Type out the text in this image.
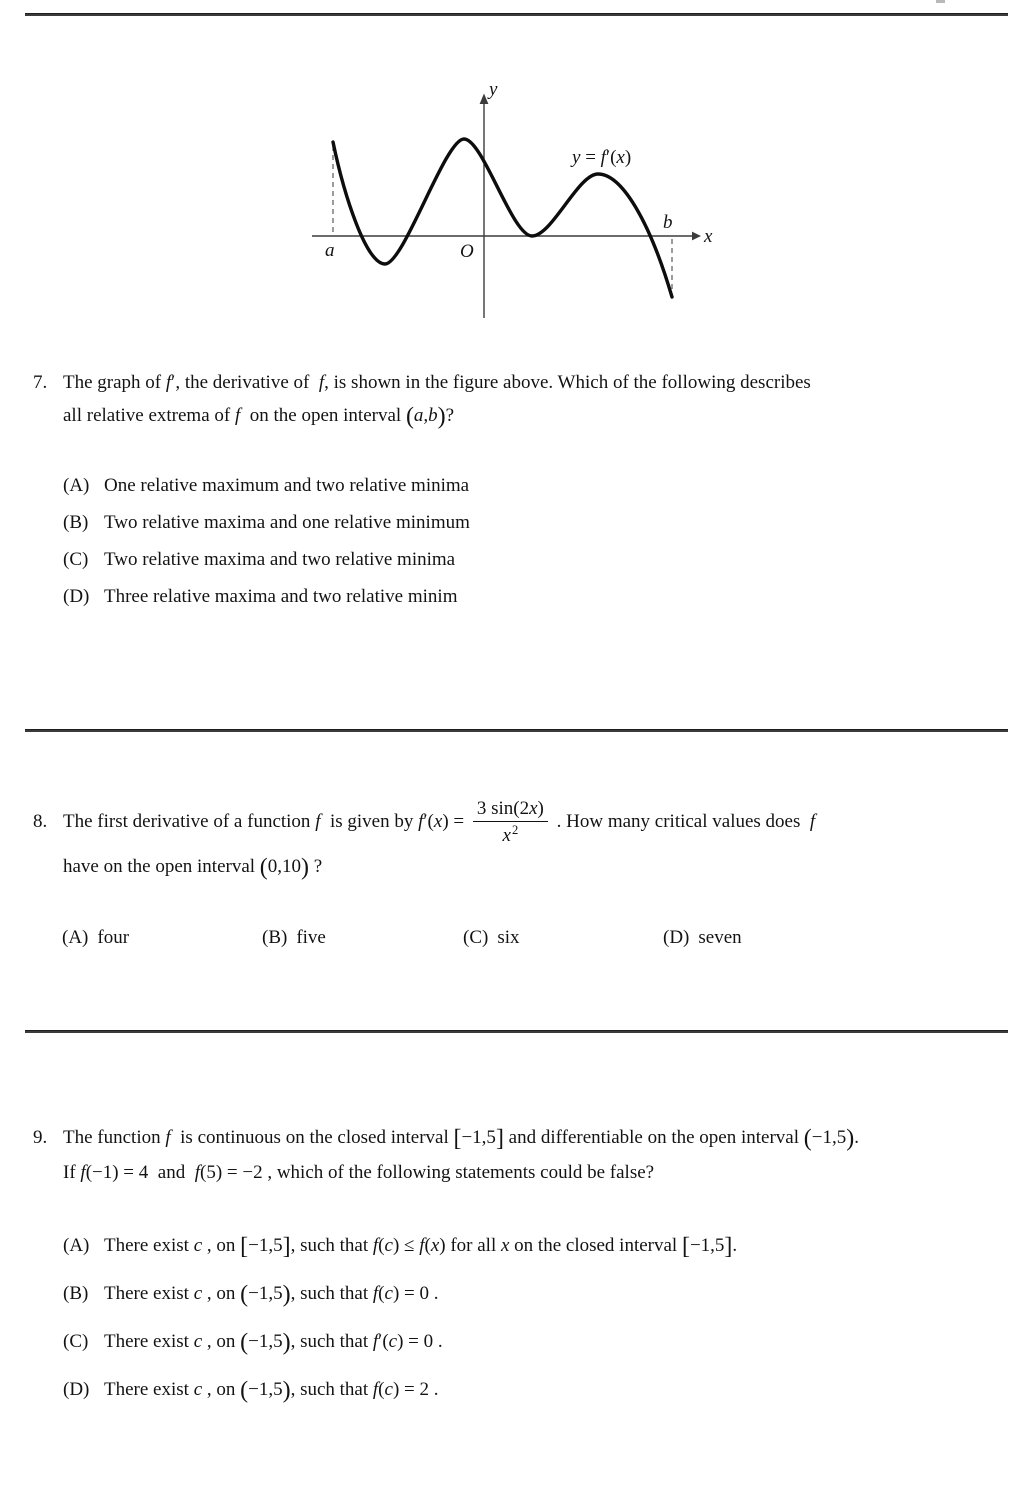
y
x
O
a
b
y = f′(x)
7. The graph of f′, the derivative of  f, is shown in the figure above. Which of the following describes
all relative extrema of f  on the open interval (a,b)?
(A) One relative maximum and two relative minima
(B) Two relative maxima and one relative minimum
(C) Two relative maxima and two relative minima
(D) Three relative maxima and two relative minim
8. The first derivative of a function f  is given by $f'(x) = \frac{3 \sin(2x)}{x^2}$ . How many critical values does  f
have on the open interval (0,10) ?
(A) four	(B) five	(C) six	(D) seven
9. The function f  is continuous on the closed interval [−1,5] and differentiable on the open interval (−1,5).
If f(−1) = 4  and  f(5) = −2 , which of the following statements could be false?
(A) There exist c , on [−1,5], such that f(c) ≤ f(x) for all x on the closed interval [−1,5].
(B) There exist c , on (−1,5), such that f(c) = 0 .
(C) There exist c , on (−1,5), such that f′(c) = 0 .
(D) There exist c , on (−1,5), such that f(c) = 2 .
